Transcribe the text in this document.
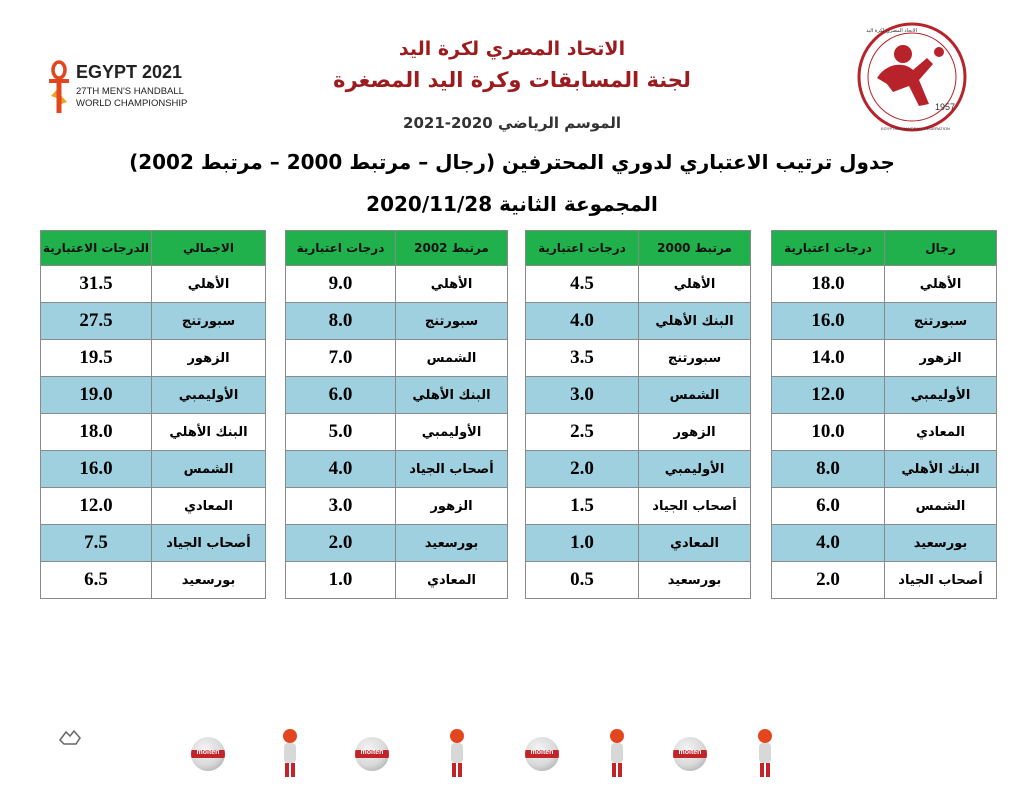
EGYPT 2021
27TH MEN'S HANDBALL
WORLD CHAMPIONSHIP	1957
EGYPTIAN HANDBALL FEDERATION
الاتحاد المصري لكرة اليد
الاتحاد المصري لكرة اليد
لجنة المسابقات وكرة اليد المصغرة
الموسم الرياضي 2020-2021
جدول ترتيب الاعتباري لدوري المحترفين (رجال – مرتبط 2000 – مرتبط 2002)
المجموعة الثانية 2020/11/28
رجال	درجات اعتبارية
الأهلي	18.0
سبورتنج	16.0
الزهور	14.0
الأوليمبي	12.0
المعادي	10.0
البنك الأهلي	8.0
الشمس	6.0
بورسعيد	4.0
أصحاب الجياد	2.0
مرتبط 2000	درجات اعتبارية
الأهلي	4.5
البنك الأهلي	4.0
سبورتنج	3.5
الشمس	3.0
الزهور	2.5
الأوليمبي	2.0
أصحاب الجياد	1.5
المعادي	1.0
بورسعيد	0.5
مرتبط 2002	درجات اعتبارية
الأهلي	9.0
سبورتنج	8.0
الشمس	7.0
البنك الأهلي	6.0
الأوليمبي	5.0
أصحاب الجياد	4.0
الزهور	3.0
بورسعيد	2.0
المعادي	1.0
الاجمالي	الدرجات الاعتبارية
الأهلي	31.5
سبورتنج	27.5
الزهور	19.5
الأوليمبي	19.0
البنك الأهلي	18.0
الشمس	16.0
المعادي	12.0
أصحاب الجياد	7.5
بورسعيد	6.5
molten	molten	molten	molten
